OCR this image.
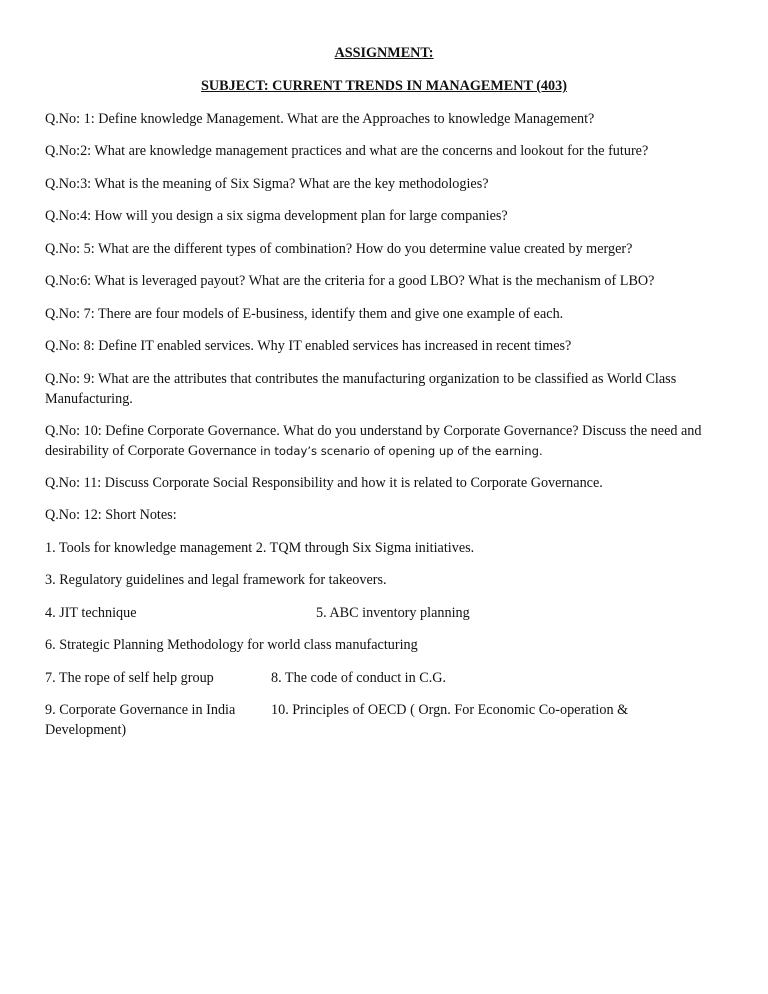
ASSIGNMENT:
SUBJECT: CURRENT TRENDS IN MANAGEMENT (403)
Q.No: 1: Define knowledge Management. What are the Approaches to knowledge Management?
Q.No:2: What are knowledge management practices and what are the concerns and lookout for the future?
Q.No:3: What is the meaning of Six Sigma? What are the key methodologies?
Q.No:4: How will you design a six sigma development plan for large companies?
Q.No: 5: What are the different types of combination? How do you determine value created by merger?
Q.No:6: What is leveraged payout? What are the criteria for a good LBO? What is the mechanism of LBO?
Q.No: 7: There are four models of E-business, identify them and give one example of each.
Q.No: 8: Define IT enabled services. Why IT enabled services has increased in recent times?
Q.No: 9: What are the attributes that contributes the manufacturing organization to be classified as World Class Manufacturing.
Q.No: 10: Define Corporate Governance. What do you understand by Corporate Governance? Discuss the need and desirability of Corporate Governance in today’s scenario of opening up of the earning.
Q.No: 11: Discuss Corporate Social Responsibility and how it is related to Corporate Governance.
Q.No: 12: Short Notes:
1. Tools for knowledge management 2. TQM through Six Sigma initiatives.
3. Regulatory guidelines and legal framework for takeovers.
4. JIT technique	5. ABC inventory planning
6. Strategic Planning Methodology for world class manufacturing
7. The rope of self help group	8. The code of conduct in C.G.
9. Corporate Governance in India	10. Principles of OECD ( Orgn. For Economic Co-operation &
Development)
